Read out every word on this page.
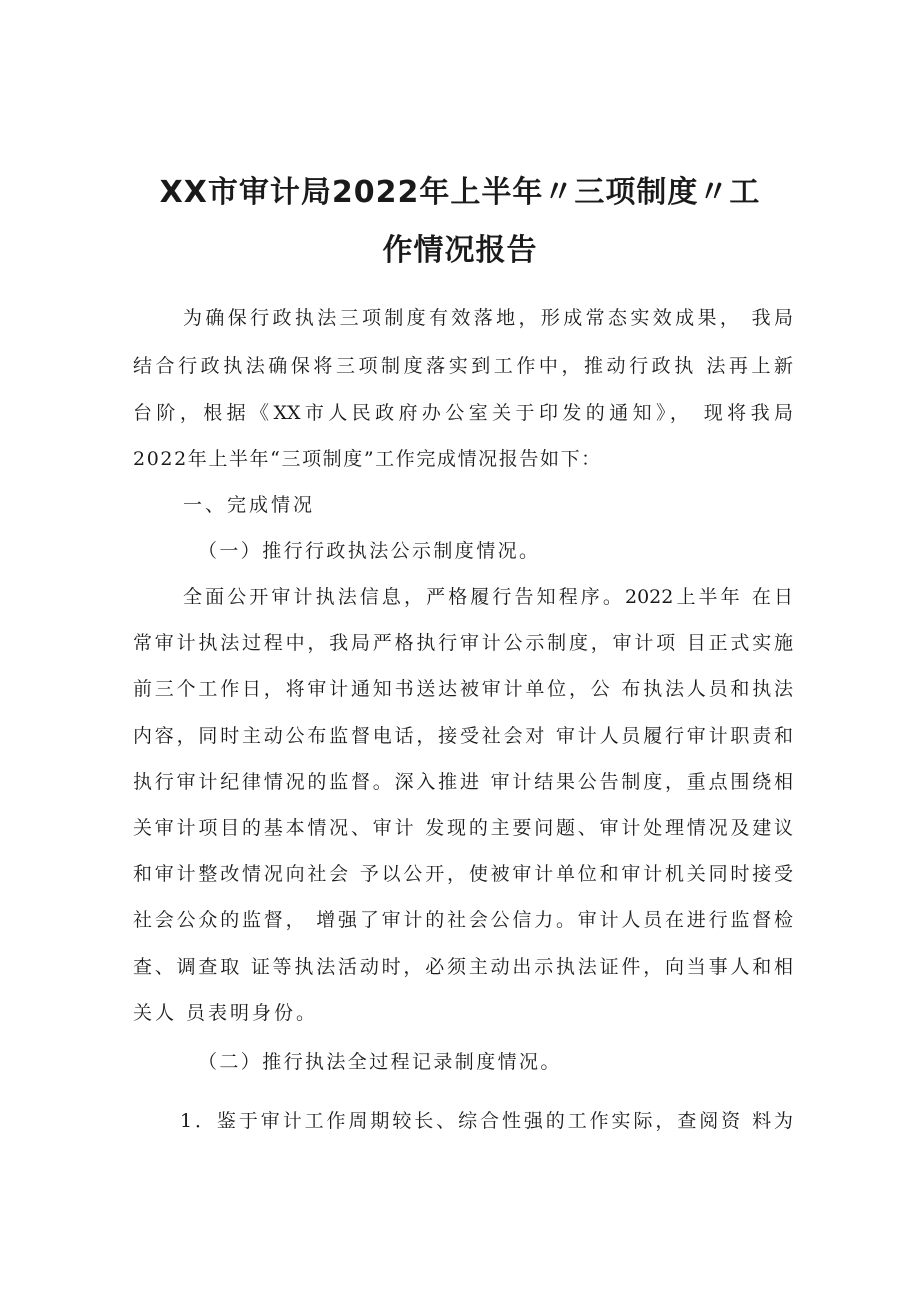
XX市审计局2022年上半年〃三项制度〃工
作情况报告
为确保行政执法三项制度有效落地，形成常态实效成果， 我局
结合行政执法确保将三项制度落实到工作中，推动行政执 法再上新
台阶，根据《XX市人民政府办公室关于印发的通知》， 现将我局
2022年上半年“三项制度”工作完成情况报告如下：
一、完成情况
（一）推行行政执法公示制度情况。
全面公开审计执法信息，严格履行告知程序。2022上半年 在日
常审计执法过程中，我局严格执行审计公示制度，审计项 目正式实施
前三个工作日，将审计通知书送达被审计单位，公 布执法人员和执法
内容，同时主动公布监督电话，接受社会对 审计人员履行审计职责和
执行审计纪律情况的监督。深入推进 审计结果公告制度，重点围绕相
关审计项目的基本情况、审计 发现的主要问题、审计处理情况及建议
和审计整改情况向社会 予以公开，使被审计单位和审计机关同时接受
社会公众的监督， 增强了审计的社会公信力。审计人员在进行监督检
查、调查取 证等执法活动时，必须主动出示执法证件，向当事人和相
关人 员表明身份。
（二）推行执法全过程记录制度情况。
1．鉴于审计工作周期较长、综合性强的工作实际，查阅资 料为
